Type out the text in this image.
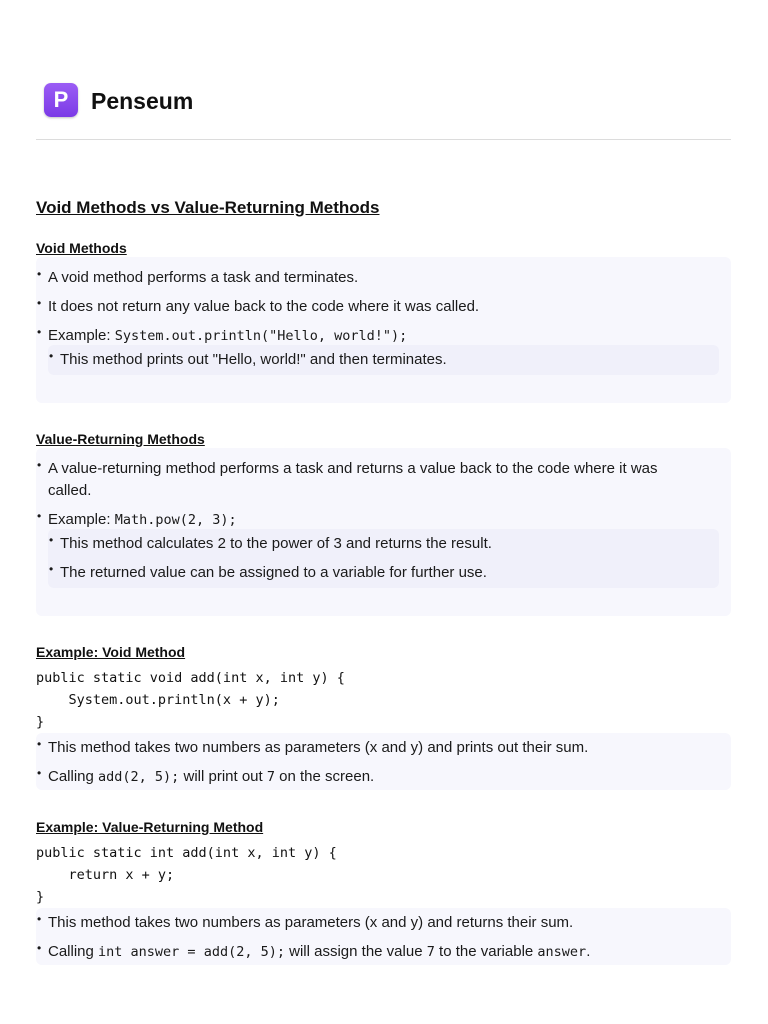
P Penseum
Void Methods vs Value-Returning Methods
Void Methods
• A void method performs a task and terminates.
• It does not return any value back to the code where it was called.
• Example: System.out.println("Hello, world!");
• This method prints out "Hello, world!" and then terminates.
Value-Returning Methods
• A value-returning method performs a task and returns a value back to the code where it was called.
• Example: Math.pow(2, 3);
• This method calculates 2 to the power of 3 and returns the result.
• The returned value can be assigned to a variable for further use.
Example: Void Method
public static void add(int x, int y) {
System.out.println(x + y);
}
• This method takes two numbers as parameters (x and y) and prints out their sum.
• Calling add(2, 5); will print out 7 on the screen.
Example: Value-Returning Method
public static int add(int x, int y) {
return x + y;
}
• This method takes two numbers as parameters (x and y) and returns their sum.
• Calling int answer = add(2, 5); will assign the value 7 to the variable answer.
